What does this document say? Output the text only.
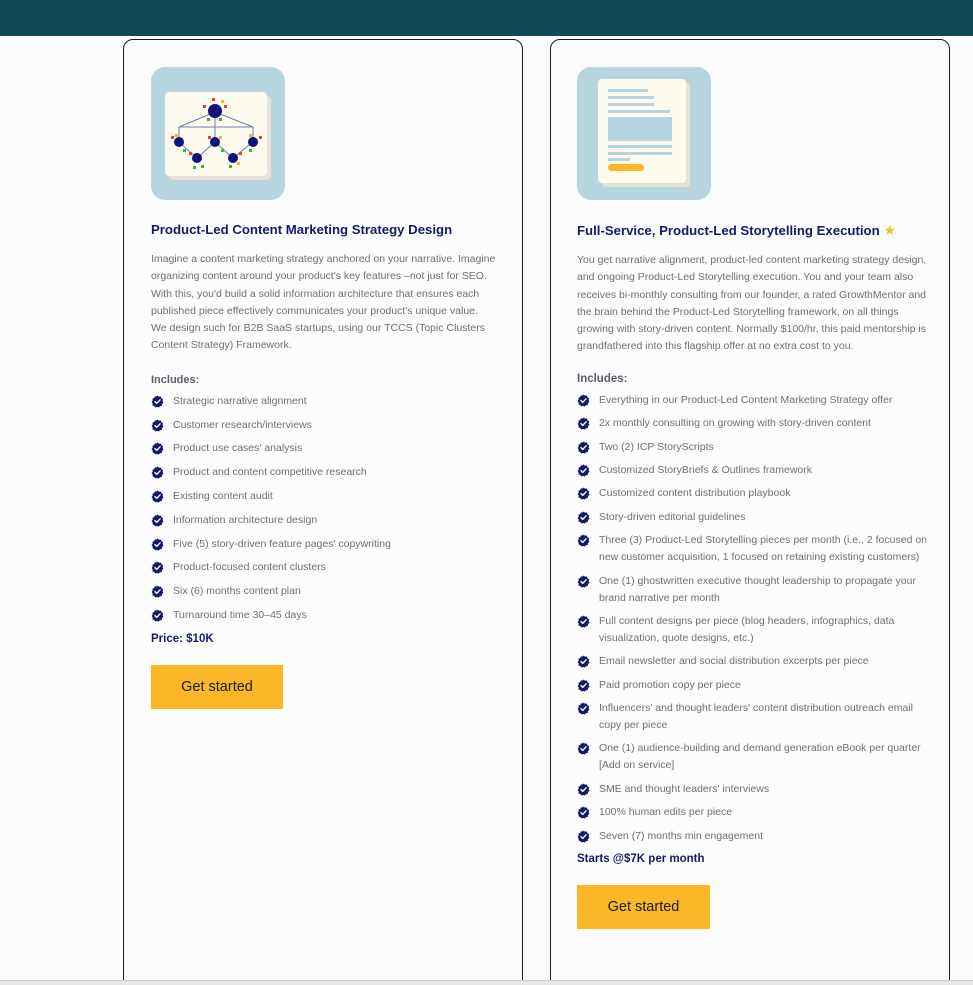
Product-Led Content Marketing Strategy Design

Imagine a content marketing strategy anchored on your narrative. Imagine organizing content around your product's key features –not just for SEO. With this, you'd build a solid information architecture that ensures each published piece effectively communicates your product's unique value. We design such for B2B SaaS startups, using our TCCS (Topic Clusters Content Strategy) Framework.

Includes:
Strategic narrative alignment
Customer research/interviews
Product use cases' analysis
Product and content competitive research
Existing content audit
Information architecture design
Five (5) story-driven feature pages' copywriting
Product-focused content clusters
Six (6) months content plan
Turnaround time 30–45 days
Price: $10K
Get started
Full-Service, Product-Led Storytelling Execution ★

You get narrative alignment, product-led content marketing strategy design, and ongoing Product-Led Storytelling execution. You and your team also receives bi-monthly consulting from our founder, a rated GrowthMentor and the brain behind the Product-Led Storytelling framework, on all things growing with story-driven content. Normally $100/hr, this paid mentorship is grandfathered into this flagship offer at no extra cost to you.

Includes:
Everything in our Product-Led Content Marketing Strategy offer
2x monthly consulting on growing with story-driven content
Two (2) ICP StoryScripts
Customized StoryBriefs & Outlines framework
Customized content distribution playbook
Story-driven editorial guidelines
Three (3) Product-Led Storytelling pieces per month (i.e., 2 focused on new customer acquisition, 1 focused on retaining existing customers)
One (1) ghostwritten executive thought leadership to propagate your brand narrative per month
Full content designs per piece (blog headers, infographics, data visualization, quote designs, etc.)
Email newsletter and social distribution excerpts per piece
Paid promotion copy per piece
Influencers' and thought leaders' content distribution outreach email copy per piece
One (1) audience-building and demand generation eBook per quarter [Add on service]
SME and thought leaders' interviews
100% human edits per piece
Seven (7) months min engagement
Starts @$7K per month
Get started
